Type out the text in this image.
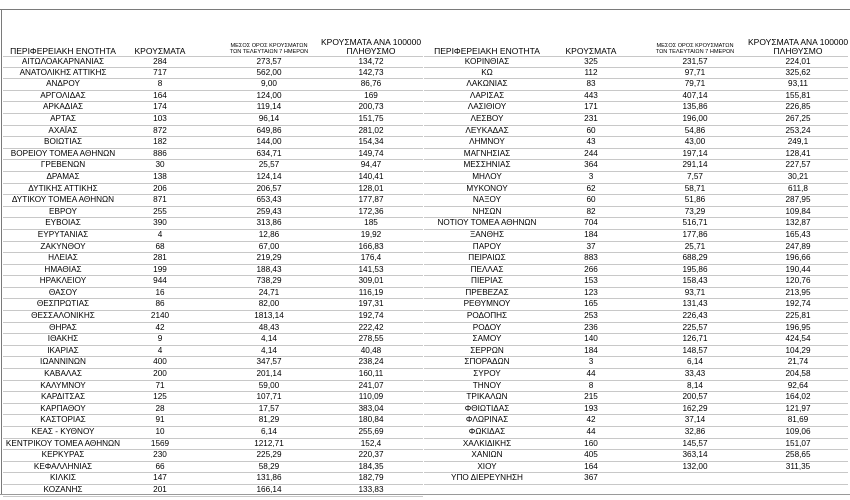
ΠΕΡΙΦΕΡΕΙΑΚΗ ΕΝΟΤΗΤΑ	ΚΡΟΥΣΜΑΤΑ	ΜΕΣΟΣ ΟΡΟΣ ΚΡΟΥΣΜΑΤΩΝ
ΤΩΝ ΤΕΛΕΥΤΑΙΩΝ 7 ΗΜΕΡΩΝ
ΚΡΟΥΣΜΑΤΑ ΑΝΑ 100000
ΠΛΗΘΥΣΜΟ
ΑΙΤΩΛΟΑΚΑΡΝΑΝΙΑΣ	284	273,57	134,72
ΑΝΑΤΟΛΙΚΗΣ ΑΤΤΙΚΗΣ	717	562,00	142,73
ΑΝΔΡΟΥ	8	9,00	86,76
ΑΡΓΟΛΙΔΑΣ	164	124,00	169
ΑΡΚΑΔΙΑΣ	174	119,14	200,73
ΑΡΤΑΣ	103	96,14	151,75
ΑΧΑΪΑΣ	872	649,86	281,02
ΒΟΙΩΤΙΑΣ	182	144,00	154,34
ΒΟΡΕΙΟΥ ΤΟΜΕΑ ΑΘΗΝΩΝ	886	634,71	149,74
ΓΡΕΒΕΝΩΝ	30	25,57	94,47
ΔΡΑΜΑΣ	138	124,14	140,41
ΔΥΤΙΚΗΣ ΑΤΤΙΚΗΣ	206	206,57	128,01
ΔΥΤΙΚΟΥ ΤΟΜΕΑ ΑΘΗΝΩΝ	871	653,43	177,87
ΕΒΡΟΥ	255	259,43	172,36
ΕΥΒΟΙΑΣ	390	313,86	185
ΕΥΡΥΤΑΝΙΑΣ	4	12,86	19,92
ΖΑΚΥΝΘΟΥ	68	67,00	166,83
ΗΛΕΙΑΣ	281	219,29	176,4
ΗΜΑΘΙΑΣ	199	188,43	141,53
ΗΡΑΚΛΕΙΟΥ	944	738,29	309,01
ΘΑΣΟΥ	16	24,71	116,19
ΘΕΣΠΡΩΤΙΑΣ	86	82,00	197,31
ΘΕΣΣΑΛΟΝΙΚΗΣ	2140	1813,14	192,74
ΘΗΡΑΣ	42	48,43	222,42
ΙΘΑΚΗΣ	9	4,14	278,55
ΙΚΑΡΙΑΣ	4	4,14	40,48
ΙΩΑΝΝΙΝΩΝ	400	347,57	238,24
ΚΑΒΑΛΑΣ	200	201,14	160,11
ΚΑΛΥΜΝΟΥ	71	59,00	241,07
ΚΑΡΔΙΤΣΑΣ	125	107,71	110,09
ΚΑΡΠΑΘΟΥ	28	17,57	383,04
ΚΑΣΤΟΡΙΑΣ	91	81,29	180,84
ΚΕΑΣ - ΚΥΘΝΟΥ	10	6,14	255,69
ΚΕΝΤΡΙΚΟΥ ΤΟΜΕΑ ΑΘΗΝΩΝ	1569	1212,71	152,4
ΚΕΡΚΥΡΑΣ	230	225,29	220,37
ΚΕΦΑΛΛΗΝΙΑΣ	66	58,29	184,35
ΚΙΛΚΙΣ	147	131,86	182,79
ΚΟΖΑΝΗΣ	201	166,14	133,83
ΠΕΡΙΦΕΡΕΙΑΚΗ ΕΝΟΤΗΤΑ	ΚΡΟΥΣΜΑΤΑ	ΜΕΣΟΣ ΟΡΟΣ ΚΡΟΥΣΜΑΤΩΝ
ΤΩΝ ΤΕΛΕΥΤΑΙΩΝ 7 ΗΜΕΡΩΝ
ΚΡΟΥΣΜΑΤΑ ΑΝΑ 100000
ΠΛΗΘΥΣΜΟ
ΚΟΡΙΝΘΙΑΣ	325	231,57	224,01
ΚΩ	112	97,71	325,62
ΛΑΚΩΝΙΑΣ	83	79,71	93,11
ΛΑΡΙΣΑΣ	443	407,14	155,81
ΛΑΣΙΘΙΟΥ	171	135,86	226,85
ΛΕΣΒΟΥ	231	196,00	267,25
ΛΕΥΚΑΔΑΣ	60	54,86	253,24
ΛΗΜΝΟΥ	43	43,00	249,1
ΜΑΓΝΗΣΙΑΣ	244	197,14	128,41
ΜΕΣΣΗΝΙΑΣ	364	291,14	227,57
ΜΗΛΟΥ	3	7,57	30,21
ΜΥΚΟΝΟΥ	62	58,71	611,8
ΝΑΞΟΥ	60	51,86	287,95
ΝΗΣΩΝ	82	73,29	109,84
ΝΟΤΙΟΥ ΤΟΜΕΑ ΑΘΗΝΩΝ	704	516,71	132,87
ΞΑΝΘΗΣ	184	177,86	165,43
ΠΑΡΟΥ	37	25,71	247,89
ΠΕΙΡΑΙΩΣ	883	688,29	196,66
ΠΕΛΛΑΣ	266	195,86	190,44
ΠΙΕΡΙΑΣ	153	158,43	120,76
ΠΡΕΒΕΖΑΣ	123	93,71	213,95
ΡΕΘΥΜΝΟΥ	165	131,43	192,74
ΡΟΔΟΠΗΣ	253	226,43	225,81
ΡΟΔΟΥ	236	225,57	196,95
ΣΑΜΟΥ	140	126,71	424,54
ΣΕΡΡΩΝ	184	148,57	104,29
ΣΠΟΡΑΔΩΝ	3	6,14	21,74
ΣΥΡΟΥ	44	33,43	204,58
ΤΗΝΟΥ	8	8,14	92,64
ΤΡΙΚΑΛΩΝ	215	200,57	164,02
ΦΘΙΩΤΙΔΑΣ	193	162,29	121,97
ΦΛΩΡΙΝΑΣ	42	37,14	81,69
ΦΩΚΙΔΑΣ	44	32,86	109,06
ΧΑΛΚΙΔΙΚΗΣ	160	145,57	151,07
ΧΑΝΙΩΝ	405	363,14	258,65
ΧΙΟΥ	164	132,00	311,35
ΥΠΟ ΔΙΕΡΕΥΝΗΣΗ	367
